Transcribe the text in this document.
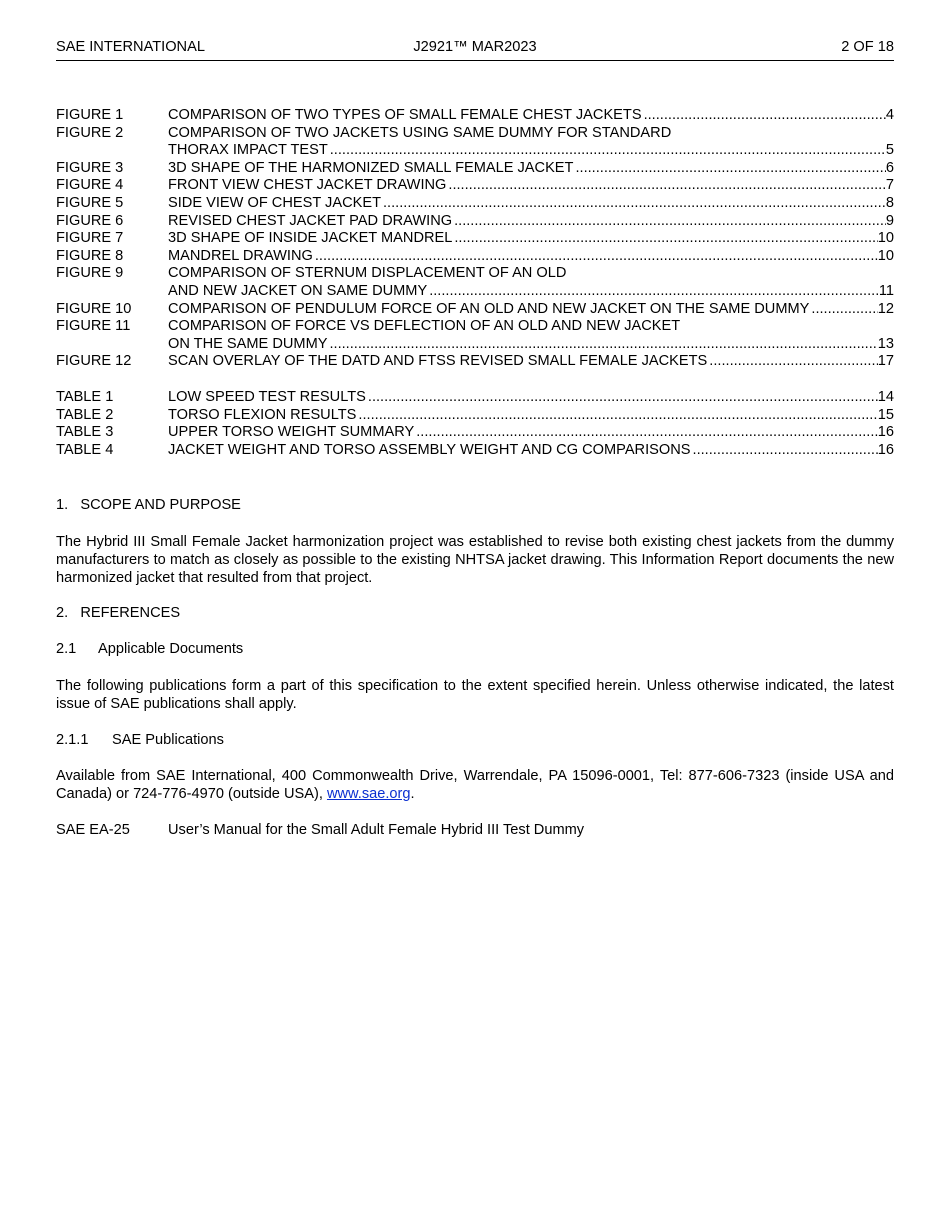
SAE INTERNATIONAL	J2921™ MAR2023	2 OF 18
FIGURE 1	COMPARISON OF TWO TYPES OF SMALL FEMALE CHEST JACKETS .....	4
FIGURE 2	COMPARISON OF TWO JACKETS USING SAME DUMMY FOR STANDARD
THORAX IMPACT TEST .....	5
FIGURE 3	3D SHAPE OF THE HARMONIZED SMALL FEMALE JACKET .....	6
FIGURE 4	FRONT VIEW CHEST JACKET DRAWING .....	7
FIGURE 5	SIDE VIEW OF CHEST JACKET .....	8
FIGURE 6	REVISED CHEST JACKET PAD DRAWING .....	9
FIGURE 7	3D SHAPE OF INSIDE JACKET MANDREL .....	10
FIGURE 8	MANDREL DRAWING .....	10
FIGURE 9	COMPARISON OF STERNUM DISPLACEMENT OF AN OLD
AND NEW JACKET ON SAME DUMMY .....	11
FIGURE 10	COMPARISON OF PENDULUM FORCE OF AN OLD AND NEW JACKET ON THE SAME DUMMY .....	12
FIGURE 11	COMPARISON OF FORCE VS DEFLECTION OF AN OLD AND NEW JACKET
ON THE SAME DUMMY .....	13
FIGURE 12	SCAN OVERLAY OF THE DATD AND FTSS REVISED SMALL FEMALE JACKETS .....	17
TABLE 1	LOW SPEED TEST RESULTS .....	14
TABLE 2	TORSO FLEXION RESULTS .....	15
TABLE 3	UPPER TORSO WEIGHT SUMMARY .....	16
TABLE 4	JACKET WEIGHT AND TORSO ASSEMBLY WEIGHT AND CG COMPARISONS .....	16
1. SCOPE AND PURPOSE
The Hybrid III Small Female Jacket harmonization project was established to revise both existing chest jackets from the dummy manufacturers to match as closely as possible to the existing NHTSA jacket drawing. This Information Report documents the new harmonized jacket that resulted from that project.
2. REFERENCES
2.1 Applicable Documents
The following publications form a part of this specification to the extent specified herein. Unless otherwise indicated, the latest issue of SAE publications shall apply.
2.1.1 SAE Publications
Available from SAE International, 400 Commonwealth Drive, Warrendale, PA 15096-0001, Tel: 877-606-7323 (inside USA and Canada) or 724-776-4970 (outside USA), www.sae.org.
SAE EA-25	User’s Manual for the Small Adult Female Hybrid III Test Dummy
